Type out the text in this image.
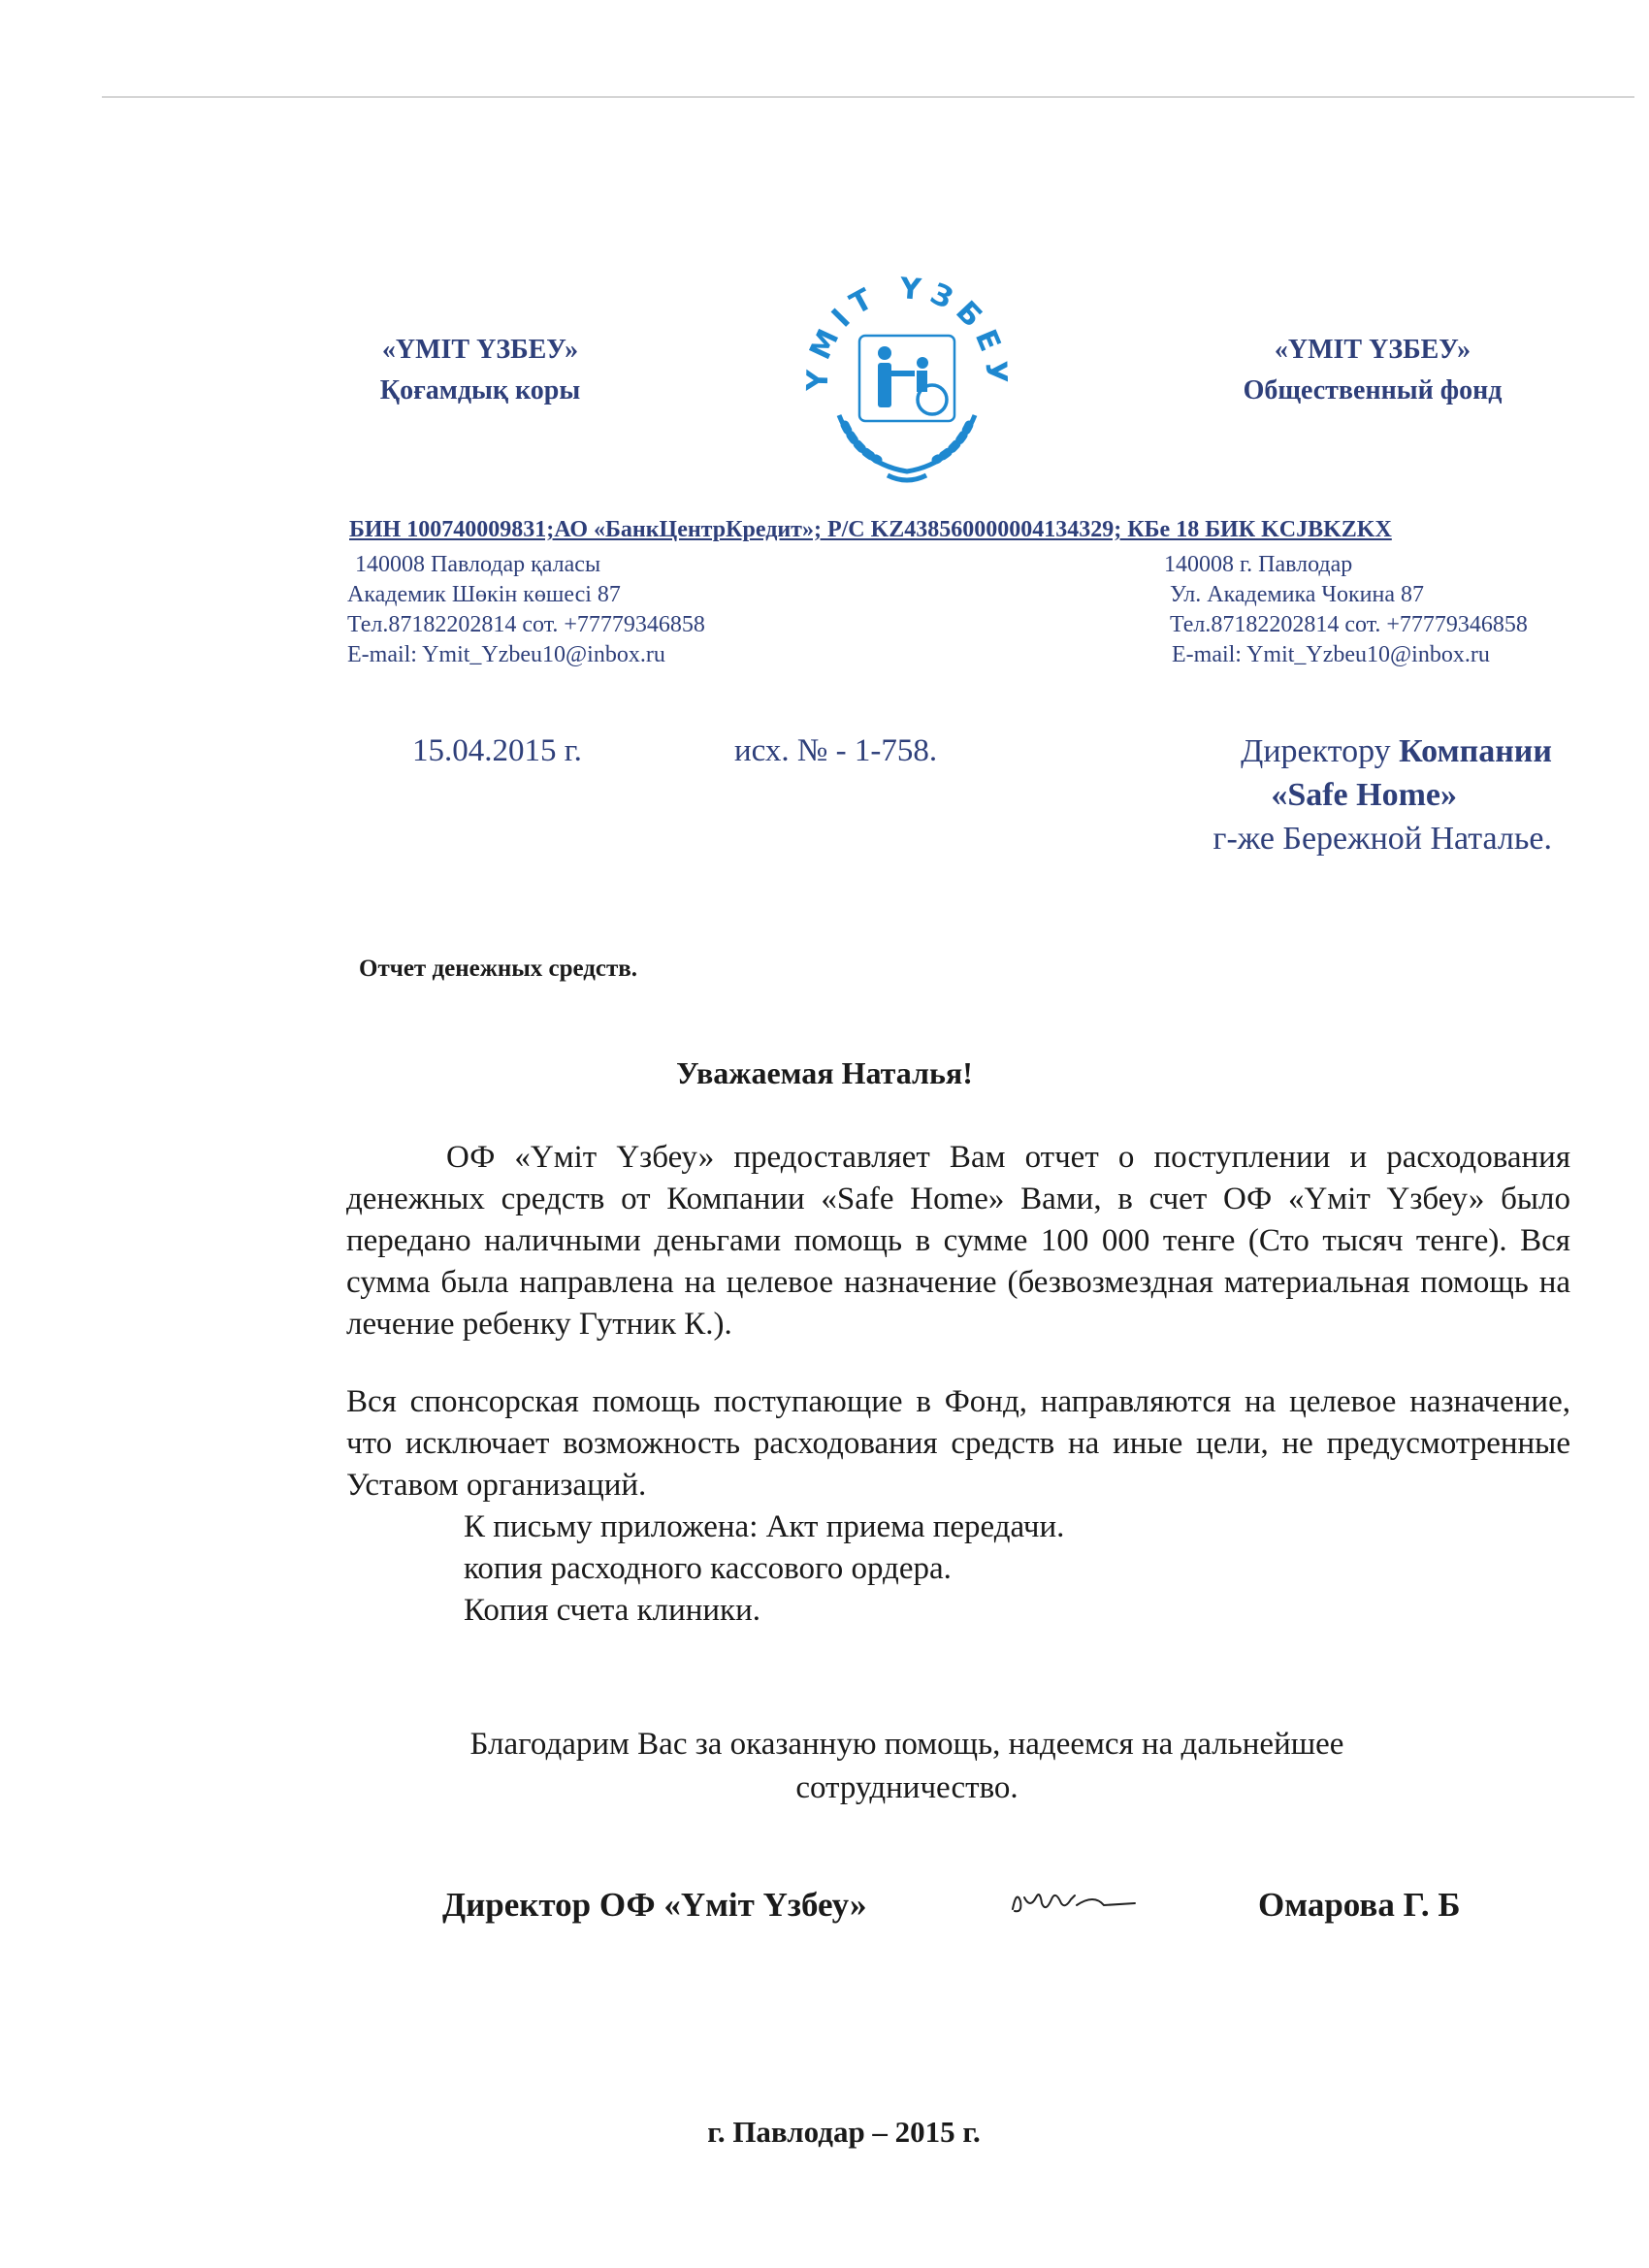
«ҮМІТ ҮЗБЕУ»
Қоғамдық коры	ҮМІТ ҮЗБЕУ
«ҮМІТ ҮЗБЕУ»
Общественный фонд
БИН 100740009831;АО «БанкЦентрКредит»; Р/С KZ438560000004134329; КБе 18 БИК KCJBKZKX
140008 Павлодар қаласы
Академик Шөкін көшесі 87
Тел.87182202814 сот. +77779346858
E-mail: Ymit_Yzbeu10@inbox.ru
140008 г. Павлодар
Ул. Академика Чокина 87
Тел.87182202814 сот. +77779346858
E-mail: Ymit_Yzbeu10@inbox.ru
15.04.2015 г.	исх. № - 1-758.	Директору Компании
«Safe Home»
г-же Бережной Наталье.
Отчет денежных средств.
Уважаемая Наталья!

ОФ «Үміт Үзбеу» предоставляет Вам отчет о поступлении и расходования денежных средств от Компании «Safe Home» Вами, в счет ОФ «Үміт Үзбеу» было передано наличными деньгами помощь в сумме 100 000 тенге (Сто тысяч тенге). Вся сумма была направлена на целевое назначение (безвозмездная материальная помощь на лечение ребенку Гутник К.).

Вся спонсорская помощь поступающие в Фонд, направляются на целевое назначение, что исключает возможность расходования средств на иные цели, не предусмотренные Уставом организаций.
К письму приложена: Акт приема передачи.
копия расходного кассового ордера.
Копия счета клиники.
Благодарим Вас за оказанную помощь, надеемся на дальнейшее
сотрудничество.
Директор ОФ «Үміт Үзбеу»	Омарова Г. Б
г. Павлодар – 2015 г.
